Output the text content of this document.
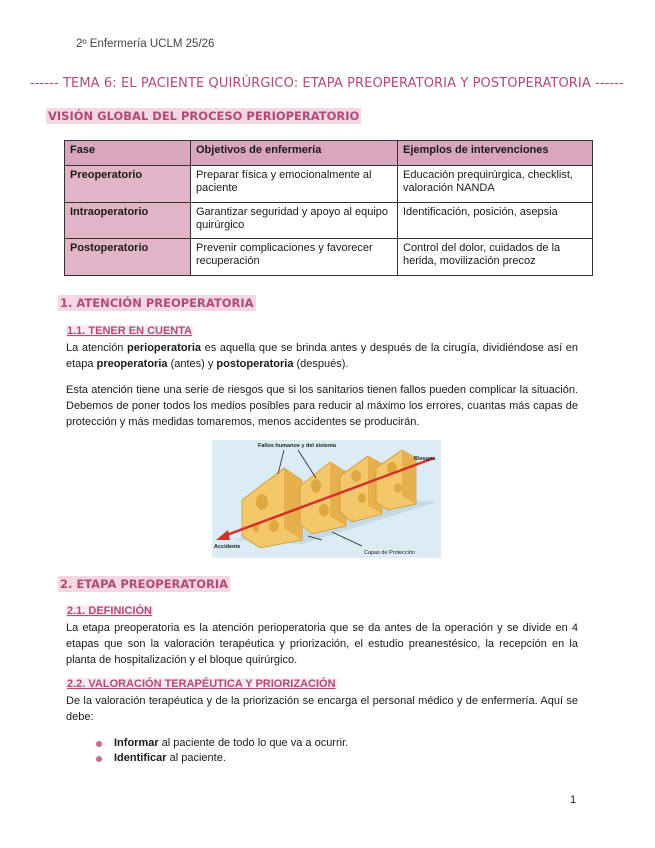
2º Enfermería UCLM 25/26
------ TEMA 6: EL PACIENTE QUIRÚRGICO: ETAPA PREOPERATORIA Y POSTOPERATORIA ------
VISIÓN GLOBAL DEL PROCESO PERIOPERATORIO
Fase	Objetivos de enfermería	Ejemplos de intervenciones
Preoperatorio	Preparar física y emocionalmente al paciente	Educación prequirúrgica, checklist, valoración NANDA
Intraoperatorio	Garantizar seguridad y apoyo al equipo quirúrgico	Identificación, posición, asepsia
Postoperatorio	Prevenir complicaciones y favorecer recuperación	Control del dolor, cuidados de la herida, movilización precoz
1. ATENCIÓN PREOPERATORIA
1.1. TENER EN CUENTA

La atención perioperatoria es aquella que se brinda antes y después de la cirugía, dividiéndose así en etapa preoperatoria (antes) y postoperatoria (después).

Esta atención tiene una serie de riesgos que si los sanitarios tienen fallos pueden complicar la situación. Debemos de poner todos los medios posibles para reducir al máximo los errores, cuantas más capas de protección y más medidas tomaremos, menos accidentes se producirán.

Fallos humanos y del sistema
Riesgos
Accidente
Capas de Protección
2. ETAPA PREOPERATORIA
2.1. DEFINICIÓN

La etapa preoperatoria es la atención perioperatoria que se da antes de la operación y se divide en 4 etapas que son la valoración terapéutica y priorización, el estudio preanestésico, la recepción en la planta de hospitalización y el bloque quirúrgico.

2.2. VALORACIÓN TERAPÉUTICA Y PRIORIZACIÓN

De la valoración terapéutica y de la priorización se encarga el personal médico y de enfermería. Aquí se debe:

Informar al paciente de todo lo que va a ocurrir.
Identificar al paciente.
1
